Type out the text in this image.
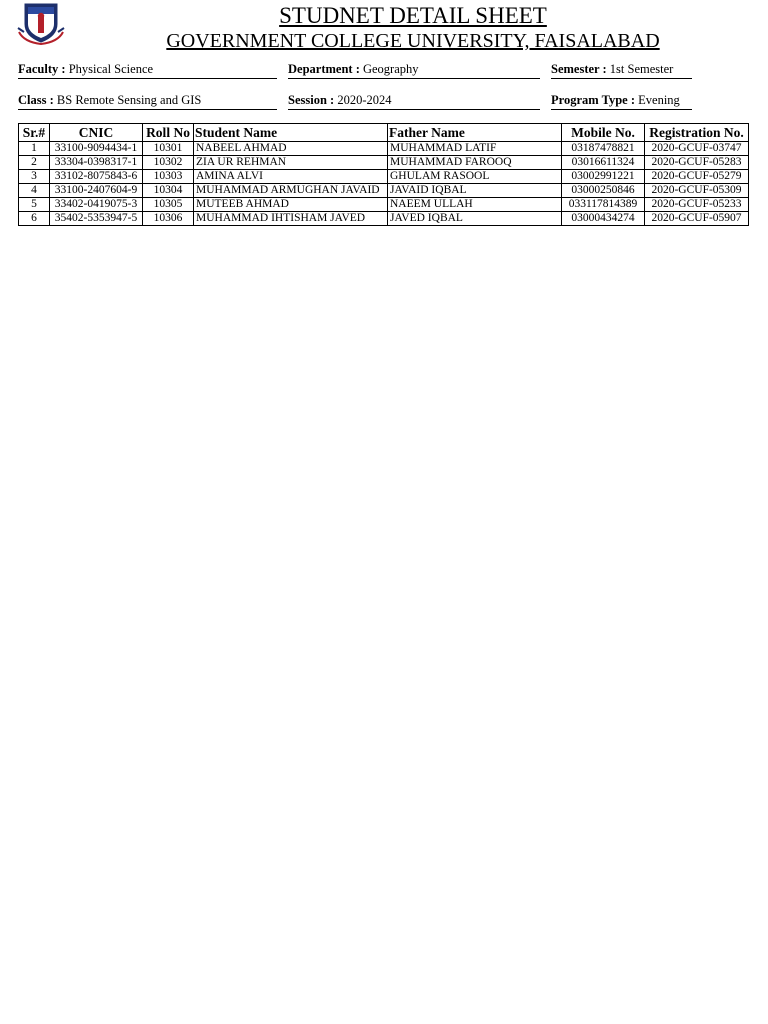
STUDNET DETAIL SHEET
GOVERNMENT COLLEGE UNIVERSITY, FAISALABAD
Faculty : Physical Science	Department : Geography	Semester : 1st Semester
Class : BS Remote Sensing and GIS	Session : 2020-2024	Program Type : Evening
Sr.#	CNIC	Roll No	Student Name	Father Name	Mobile No.	Registration No.
1	33100-9094434-1	10301	NABEEL AHMAD	MUHAMMAD LATIF	03187478821	2020-GCUF-03747
2	33304-0398317-1	10302	ZIA UR REHMAN	MUHAMMAD FAROOQ	03016611324	2020-GCUF-05283
3	33102-8075843-6	10303	AMINA ALVI	GHULAM RASOOL	03002991221	2020-GCUF-05279
4	33100-2407604-9	10304	MUHAMMAD ARMUGHAN JAVAID	JAVAID IQBAL	03000250846	2020-GCUF-05309
5	33402-0419075-3	10305	MUTEEB AHMAD	NAEEM ULLAH	033117814389	2020-GCUF-05233
6	35402-5353947-5	10306	MUHAMMAD IHTISHAM JAVED	JAVED IQBAL	03000434274	2020-GCUF-05907
